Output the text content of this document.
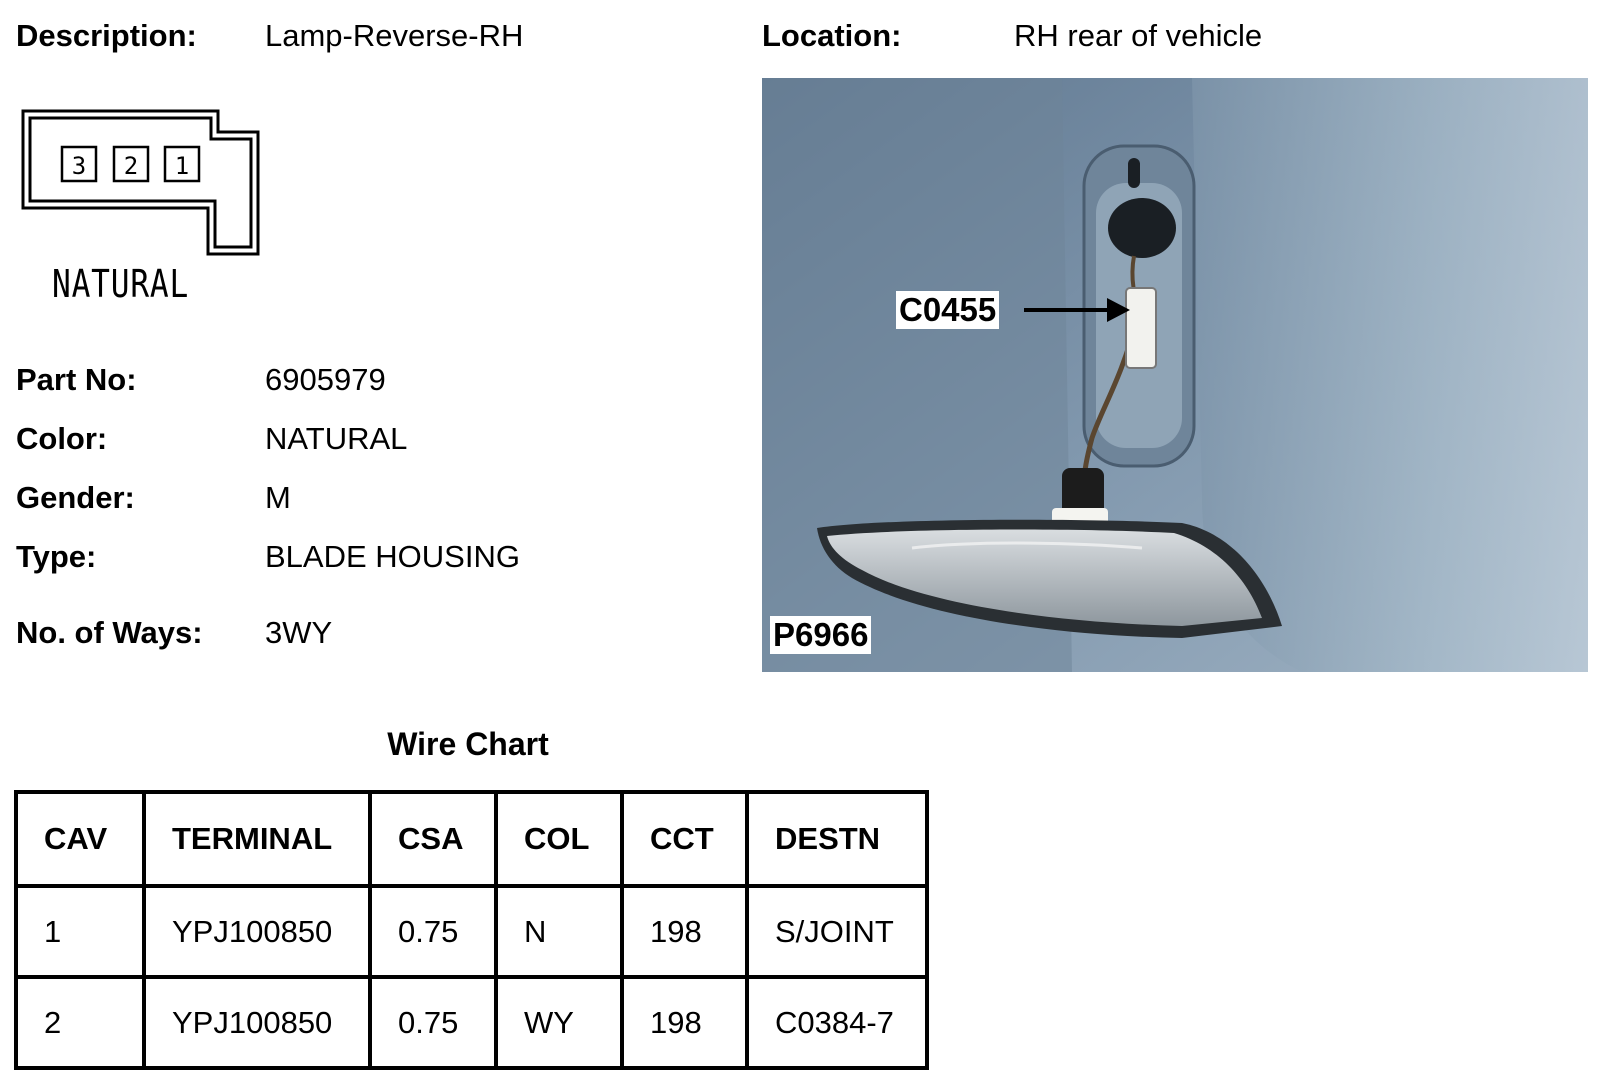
Description: Lamp-Reverse-RH	Location:	RH rear of vehicle
3 2 1
NATURAL
Part No:	6905979
Color:	NATURAL
Gender:	M
Type:	BLADE HOUSING
No. of Ways: 3WY
C0455
P6966
Wire Chart
CAV	TERMINAL	CSA	COL	CCT	DESTN
1	YPJ100850	0.75	N	198	S/JOINT
2	YPJ100850	0.75	WY	198	C0384-7
